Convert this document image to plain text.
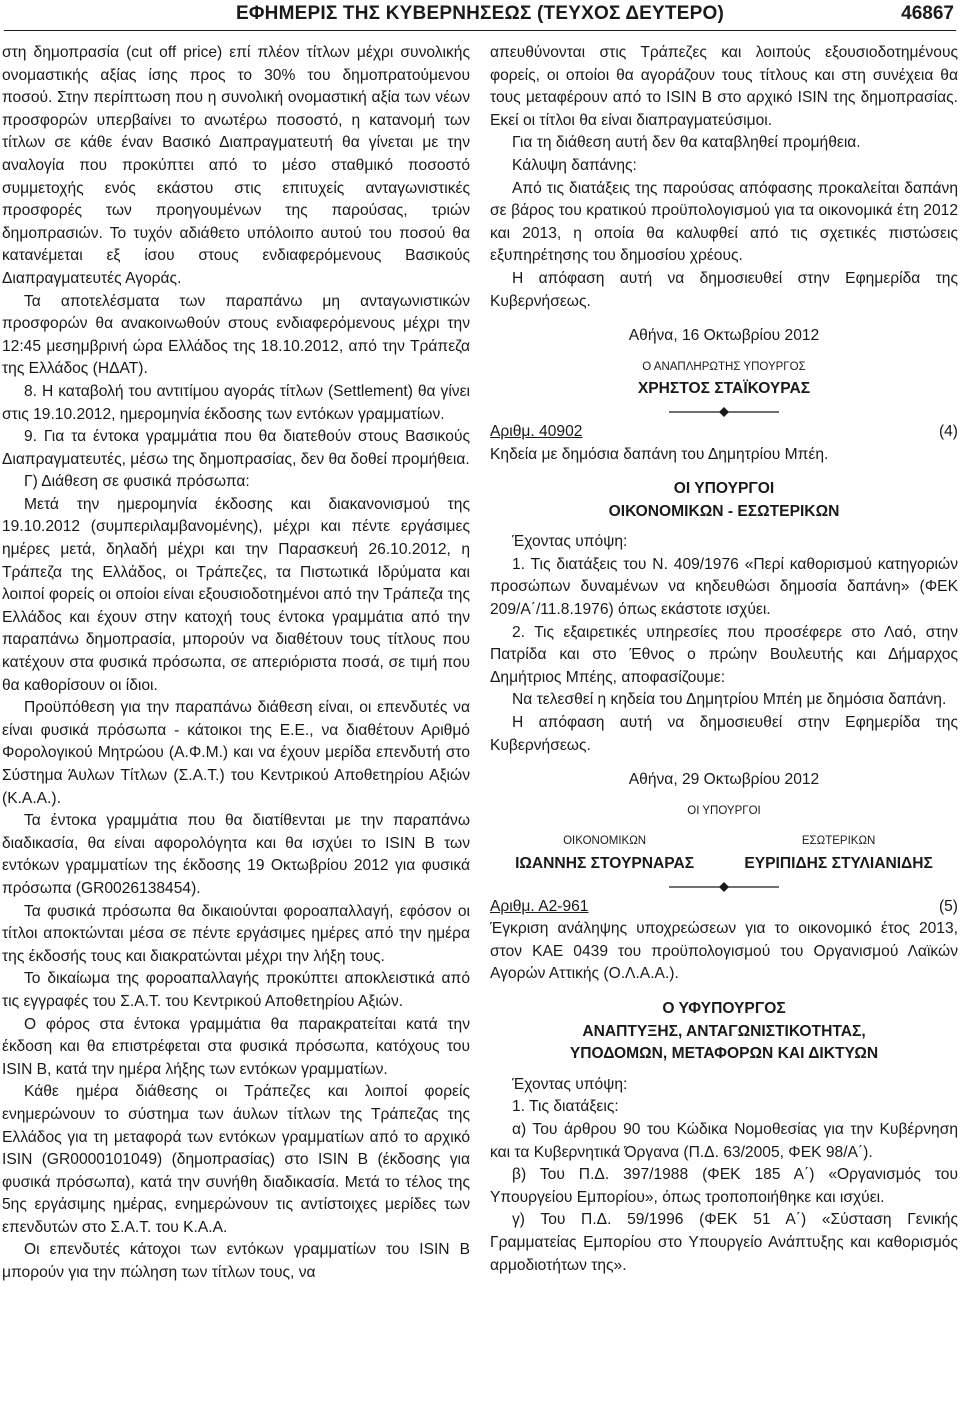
ΕΦΗΜΕΡΙΣ ΤΗΣ ΚΥΒΕΡΝΗΣΕΩΣ (ΤΕΥΧΟΣ ΔΕΥΤΕΡΟ)	46867

στη δημοπρασία (cut off price) επί πλέον τίτλων μέχρι συνολικής ονομαστικής αξίας ίσης προς το 30% του δημοπρατούμενου ποσού. Στην περίπτωση που η συνολική ονομαστική αξία των νέων προσφορών υπερβαίνει το ανωτέρω ποσοστό, η κατανομή των τίτλων σε κάθε έναν Βασικό Διαπραγματευτή θα γίνεται με την αναλογία που προκύπτει από το μέσο σταθμικό ποσοστό συμμετοχής ενός εκάστου στις επιτυχείς ανταγωνιστικές προσφορές των προηγουμένων της παρούσας, τριών δημοπρασιών. Το τυχόν αδιάθετο υπόλοιπο αυτού του ποσού θα κατανέμεται εξ ίσου στους ενδιαφερόμενους Βασικούς Διαπραγματευτές Αγοράς.

Τα αποτελέσματα των παραπάνω μη ανταγωνιστικών προσφορών θα ανακοινωθούν στους ενδιαφερόμενους μέχρι την 12:45 μεσημβρινή ώρα Ελλάδος της 18.10.2012, από την Τράπεζα της Ελλάδος (ΗΔΑΤ).

8. Η καταβολή του αντιτίμου αγοράς τίτλων (Settlement) θα γίνει στις 19.10.2012, ημερομηνία έκδοσης των εντόκων γραμματίων.

9. Για τα έντοκα γραμμάτια που θα διατεθούν στους Βασικούς Διαπραγματευτές, μέσω της δημοπρασίας, δεν θα δοθεί προμήθεια.

Γ) Διάθεση σε φυσικά πρόσωπα:

Μετά την ημερομηνία έκδοσης και διακανονισμού της 19.10.2012 (συμπεριλαμβανομένης), μέχρι και πέντε εργάσιμες ημέρες μετά, δηλαδή μέχρι και την Παρασκευή 26.10.2012, η Τράπεζα της Ελλάδος, οι Τράπεζες, τα Πιστωτικά Ιδρύματα και λοιποί φορείς οι οποίοι είναι εξουσιοδοτημένοι από την Τράπεζα της Ελλάδος και έχουν στην κατοχή τους έντοκα γραμμάτια από την παραπάνω δημοπρασία, μπορούν να διαθέτουν τους τίτλους που κατέχουν στα φυσικά πρόσωπα, σε απεριόριστα ποσά, σε τιμή που θα καθορίσουν οι ίδιοι.

Προϋπόθεση για την παραπάνω διάθεση είναι, οι επενδυτές να είναι φυσικά πρόσωπα - κάτοικοι της Ε.Ε., να διαθέτουν Αριθμό Φορολογικού Μητρώου (Α.Φ.Μ.) και να έχουν μερίδα επενδυτή στο Σύστημα Άυλων Τίτλων (Σ.Α.Τ.) του Κεντρικού Αποθετηρίου Αξιών (Κ.Α.Α.).

Τα έντοκα γραμμάτια που θα διατίθενται με την παραπάνω διαδικασία, θα είναι αφορολόγητα και θα ισχύει το ISIN B των εντόκων γραμματίων της έκδοσης 19 Οκτωβρίου 2012 για φυσικά πρόσωπα (GR0026138454).

Τα φυσικά πρόσωπα θα δικαιούνται φοροαπαλλαγή, εφόσον οι τίτλοι αποκτώνται μέσα σε πέντε εργάσιμες ημέρες από την ημέρα της έκδοσής τους και διακρατώνται μέχρι την λήξη τους.

Το δικαίωμα της φοροαπαλλαγής προκύπτει αποκλειστικά από τις εγγραφές του Σ.Α.Τ. του Κεντρικού Αποθετηρίου Αξιών.

Ο φόρος στα έντοκα γραμμάτια θα παρακρατείται κατά την έκδοση και θα επιστρέφεται στα φυσικά πρόσωπα, κατόχους του ISIN B, κατά την ημέρα λήξης των εντόκων γραμματίων.

Κάθε ημέρα διάθεσης οι Τράπεζες και λοιποί φορείς ενημερώνουν το σύστημα των άυλων τίτλων της Τράπεζας της Ελλάδος για τη μεταφορά των εντόκων γραμματίων από το αρχικό ISIN (GR0000101049) (δημοπρασίας) στο ISIN B (έκδοσης για φυσικά πρόσωπα), κατά την συνήθη διαδικασία. Μετά το τέλος της 5ης εργάσιμης ημέρας, ενημερώνουν τις αντίστοιχες μερίδες των επενδυτών στο Σ.Α.Τ. του Κ.Α.Α.

Οι επενδυτές κάτοχοι των εντόκων γραμματίων του ISIN B μπορούν για την πώληση των τίτλων τους, να

απευθύνονται στις Τράπεζες και λοιπούς εξουσιοδοτημένους φορείς, οι οποίοι θα αγοράζουν τους τίτλους και στη συνέχεια θα τους μεταφέρουν από το ISIN B στο αρχικό ISIN της δημοπρασίας. Εκεί οι τίτλοι θα είναι διαπραγματεύσιμοι.

Για τη διάθεση αυτή δεν θα καταβληθεί προμήθεια.

Κάλυψη δαπάνης:

Από τις διατάξεις της παρούσας απόφασης προκαλείται δαπάνη σε βάρος του κρατικού προϋπολογισμού για τα οικονομικά έτη 2012 και 2013, η οποία θα καλυφθεί από τις σχετικές πιστώσεις εξυπηρέτησης του δημοσίου χρέους.

Η απόφαση αυτή να δημοσιευθεί στην Εφημερίδα της Κυβερνήσεως.

Αθήνα, 16 Οκτωβρίου 2012

Ο ΑΝΑΠΛΗΡΩΤΗΣ ΥΠΟΥΡΓΟΣ

ΧΡΗΣΤΟΣ ΣΤΑΪΚΟΥΡΑΣ

Αριθμ. 40902	(4)

Κηδεία με δημόσια δαπάνη του Δημητρίου Μπέη.

ΟΙ ΥΠΟΥΡΓΟΙ

ΟΙΚΟΝΟΜΙΚΩΝ - ΕΣΩΤΕΡΙΚΩΝ

Έχοντας υπόψη:

1. Τις διατάξεις του Ν. 409/1976 «Περί καθορισμού κατηγοριών προσώπων δυναμένων να κηδευθώσι δημοσία δαπάνη» (ΦΕΚ 209/Α΄/11.8.1976) όπως εκάστοτε ισχύει.

2. Τις εξαιρετικές υπηρεσίες που προσέφερε στο Λαό, στην Πατρίδα και στο Έθνος ο πρώην Βουλευτής και Δήμαρχος Δημήτριος Μπέης, αποφασίζουμε:

Να τελεσθεί η κηδεία του Δημητρίου Μπέη με δημόσια δαπάνη.

Η απόφαση αυτή να δημοσιευθεί στην Εφημερίδα της Κυβερνήσεως.

Αθήνα, 29 Οκτωβρίου 2012

ΟΙ ΥΠΟΥΡΓΟΙ

ΟΙΚΟΝΟΜΙΚΩΝ
ΙΩΑΝΝΗΣ ΣΤΟΥΡΝΑΡΑΣ
ΕΣΩΤΕΡΙΚΩΝ
ΕΥΡΙΠΙΔΗΣ ΣΤΥΛΙΑΝΙΔΗΣ
Αριθμ. Α2-961	(5)

Έγκριση ανάληψης υποχρεώσεων για το οικονομικό έτος 2013, στον ΚΑΕ 0439 του προϋπολογισμού του Οργανισμού Λαϊκών Αγορών Αττικής (Ο.Λ.Α.Α.).

Ο ΥΦΥΠΟΥΡΓΟΣ

ΑΝΑΠΤΥΞΗΣ, ΑΝΤΑΓΩΝΙΣΤΙΚΟΤΗΤΑΣ,

ΥΠΟΔΟΜΩΝ, ΜΕΤΑΦΟΡΩΝ ΚΑΙ ΔΙΚΤΥΩΝ

Έχοντας υπόψη:

1. Τις διατάξεις:

α) Του άρθρου 90 του Κώδικα Νομοθεσίας για την Κυβέρνηση και τα Κυβερνητικά Όργανα (Π.Δ. 63/2005, ΦΕΚ 98/Α΄).

β) Του Π.Δ. 397/1988 (ΦΕΚ 185 Α΄) «Οργανισμός του Υπουργείου Εμπορίου», όπως τροποποιήθηκε και ισχύει.

γ) Του Π.Δ. 59/1996 (ΦΕΚ 51 Α΄) «Σύσταση Γενικής Γραμματείας Εμπορίου στο Υπουργείο Ανάπτυξης και καθορισμός αρμοδιοτήτων της».
